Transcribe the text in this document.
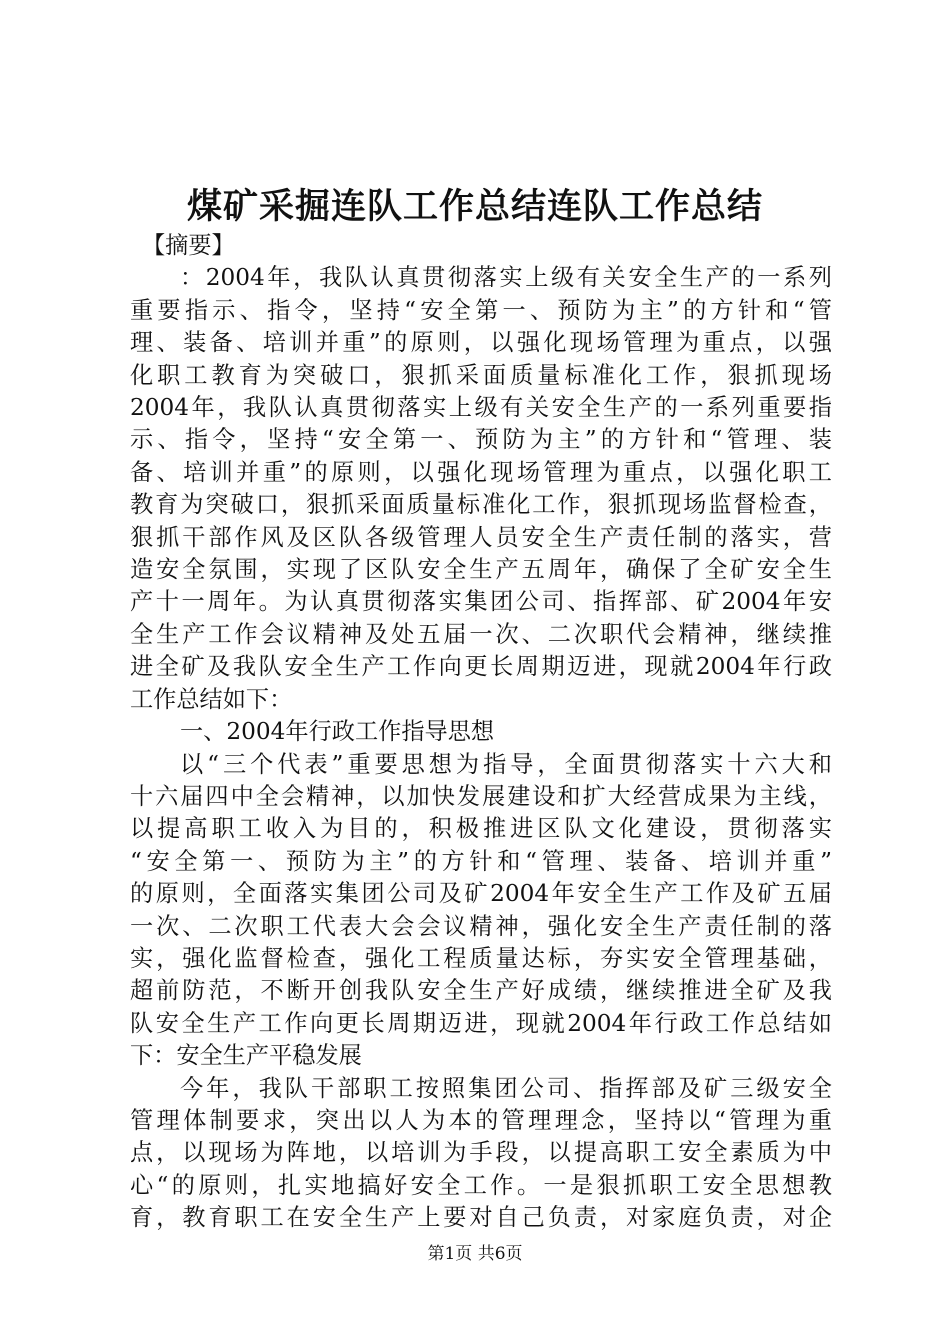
煤矿采掘连队工作总结连队工作总结
【摘要】
：2004年，我队认真贯彻落实上级有关安全生产的一系列
重要指示、指令，坚持“安全第一、预防为主”的方针和“管
理、装备、培训并重”的原则，以强化现场管理为重点，以强
化职工教育为突破口，狠抓采面质量标准化工作，狠抓现场
2004年，我队认真贯彻落实上级有关安全生产的一系列重要指
示、指令，坚持“安全第一、预防为主”的方针和“管理、装
备、培训并重”的原则，以强化现场管理为重点，以强化职工
教育为突破口，狠抓采面质量标准化工作，狠抓现场监督检查，
狠抓干部作风及区队各级管理人员安全生产责任制的落实，营
造安全氛围，实现了区队安全生产五周年，确保了全矿安全生
产十一周年。为认真贯彻落实集团公司、指挥部、矿2004年安
全生产工作会议精神及处五届一次、二次职代会精神，继续推
进全矿及我队安全生产工作向更长周期迈进，现就2004年行政
工作总结如下：
一、2004年行政工作指导思想
以“三个代表”重要思想为指导，全面贯彻落实十六大和
十六届四中全会精神，以加快发展建设和扩大经营成果为主线，
以提高职工收入为目的，积极推进区队文化建设，贯彻落实
“安全第一、预防为主”的方针和“管理、装备、培训并重”
的原则，全面落实集团公司及矿2004年安全生产工作及矿五届
一次、二次职工代表大会会议精神，强化安全生产责任制的落
实，强化监督检查，强化工程质量达标，夯实安全管理基础，
超前防范，不断开创我队安全生产好成绩，继续推进全矿及我
队安全生产工作向更长周期迈进，现就2004年行政工作总结如
下：安全生产平稳发展
今年，我队干部职工按照集团公司、指挥部及矿三级安全
管理体制要求，突出以人为本的管理理念，坚持以“管理为重
点，以现场为阵地，以培训为手段，以提高职工安全素质为中
心“的原则，扎实地搞好安全工作。一是狠抓职工安全思想教
育，教育职工在安全生产上要对自己负责，对家庭负责，对企
第1页 共6页
